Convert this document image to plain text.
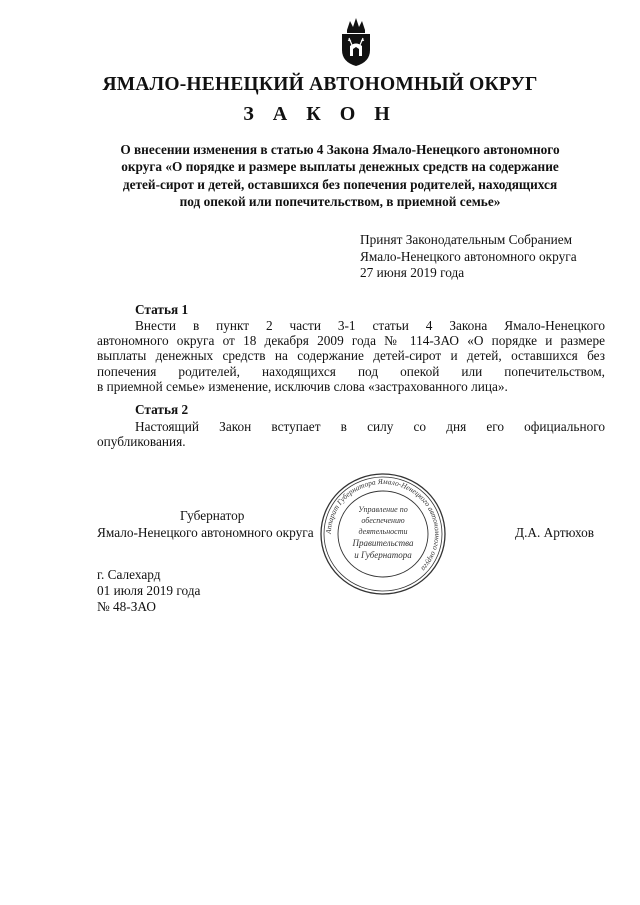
ЯМАЛО-НЕНЕЦКИЙ АВТОНОМНЫЙ ОКРУГ
З А К О Н
О внесении изменения в статью 4 Закона Ямало-Ненецкого автономного
округа «О порядке и размере выплаты денежных средств на содержание
детей-сирот и детей, оставшихся без попечения родителей, находящихся
под опекой или попечительством, в приемной семье»
Принят Законодательным Собранием
Ямало-Ненецкого автономного округа
27 июня 2019 года
Статья 1
Внести в пункт 2 части 3-1 статьи 4 Закона Ямало-Ненецкого
автономного округа от 18 декабря 2009 года № 114-ЗАО «О порядке и размере
выплаты денежных средств на содержание детей-сирот и детей, оставшихся без
попечения родителей, находящихся под опекой или попечительством,
в приемной семье» изменение, исключив слова «застрахованного лица».
Статья 2
Настоящий Закон вступает в силу со дня его официального
опубликования.
Губернатор
Ямало-Ненецкого автономного округа	Д.А. Артюхов
Аппарат Губернатора Ямало-Ненецкого автономного округа
Управление по
обеспечению
деятельности
Правительства
и Губернатора
г. Салехард
01 июля 2019 года
№ 48-ЗАО
